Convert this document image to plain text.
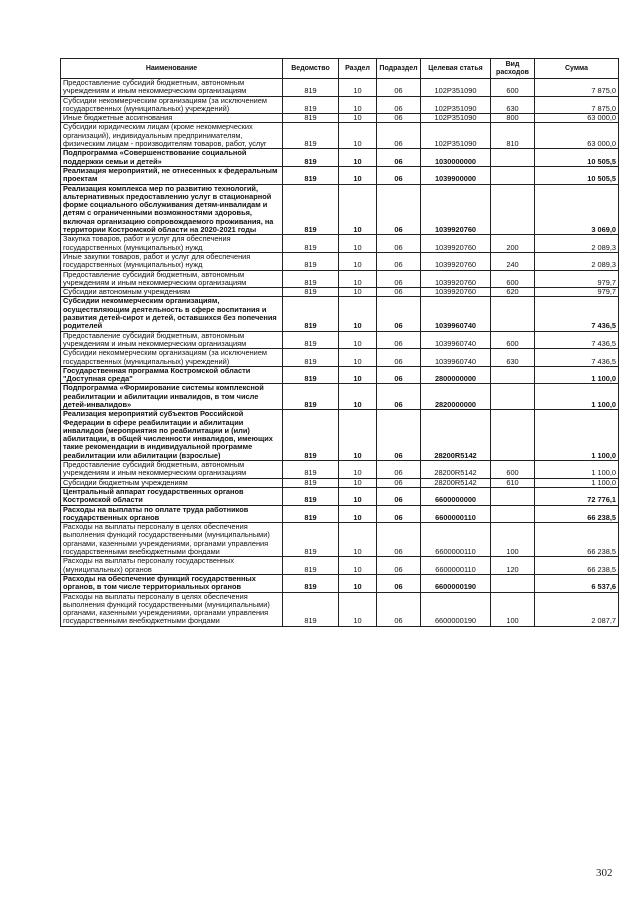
Наименование	Ведомство	Раздел	Подраздел	Целевая статья	Вид расходов	Сумма
Предоставление субсидий бюджетным, автономным учреждениям и иным некоммерческим организациям	819	10	06	102P351090	600	7 875,0
Субсидии некоммерческим организациям (за исключением государственных (муниципальных) учреждений)	819	10	06	102P351090	630	7 875,0
Иные бюджетные ассигнования	819	10	06	102P351090	800	63 000,0
Субсидии юридическим лицам (кроме некоммерческих организаций), индивидуальным предпринимателям, физическим лицам - производителям товаров, работ, услуг	819	10	06	102P351090	810	63 000,0
Подпрограмма «Совершенствование социальной поддержки семьи и детей»	819	10	06	1030000000		10 505,5
Реализация мероприятий, не отнесенных к федеральным проектам	819	10	06	1039900000		10 505,5
Реализация комплекса мер по развитию технологий, альтернативных предоставлению услуг в стационарной форме социального обслуживания детям-инвалидам и детям с ограниченными возможностями здоровья, включая организацию сопровождаемого проживания, на территории Костромской области на 2020-2021 годы	819	10	06	1039920760		3 069,0
Закупка товаров, работ и услуг для обеспечения государственных (муниципальных) нужд	819	10	06	1039920760	200	2 089,3
Иные закупки товаров, работ и услуг для обеспечения государственных (муниципальных) нужд	819	10	06	1039920760	240	2 089,3
Предоставление субсидий бюджетным, автономным учреждениям и иным некоммерческим организациям	819	10	06	1039920760	600	979,7
Субсидии автономным учреждениям	819	10	06	1039920760	620	979,7
Субсидии некоммерческим организациям, осуществляющим деятельность в сфере воспитания и развития детей-сирот и детей, оставшихся без попечения родителей	819	10	06	1039960740		7 436,5
Предоставление субсидий бюджетным, автономным учреждениям и иным некоммерческим организациям	819	10	06	1039960740	600	7 436,5
Субсидии некоммерческим организациям (за исключением государственных (муниципальных) учреждений)	819	10	06	1039960740	630	7 436,5
Государственная программа Костромской области "Доступная среда"	819	10	06	2800000000		1 100,0
Подпрограмма «Формирование системы комплексной реабилитации и абилитации инвалидов, в том числе детей-инвалидов»	819	10	06	2820000000		1 100,0
Реализация мероприятий субъектов Российской Федерации в сфере реабилитации и абилитации инвалидов (мероприятия по реабилитации и (или) абилитации, в общей численности инвалидов, имеющих такие рекомендации в индивидуальной программе реабилитации или абилитации (взрослые)	819	10	06	28200R5142		1 100,0
Предоставление субсидий бюджетным, автономным учреждениям и иным некоммерческим организациям	819	10	06	28200R5142	600	1 100,0
Субсидии бюджетным учреждениям	819	10	06	28200R5142	610	1 100,0
Центральный аппарат государственных органов Костромской области	819	10	06	6600000000		72 776,1
Расходы на выплаты по оплате труда работников государственных органов	819	10	06	6600000110		66 238,5
Расходы на выплаты персоналу в целях обеспечения выполнения функций государственными (муниципальными) органами, казенными учреждениями, органами управления государственными внебюджетными фондами	819	10	06	6600000110	100	66 238,5
Расходы на выплаты персоналу государственных (муниципальных) органов	819	10	06	6600000110	120	66 238,5
Расходы на обеспечение функций государственных органов, в том числе территориальных органов	819	10	06	6600000190		6 537,6
Расходы на выплаты персоналу в целях обеспечения выполнения функций государственными (муниципальными) органами, казенными учреждениями, органами управления государственными внебюджетными фондами	819	10	06	6600000190	100	2 087,7
302
